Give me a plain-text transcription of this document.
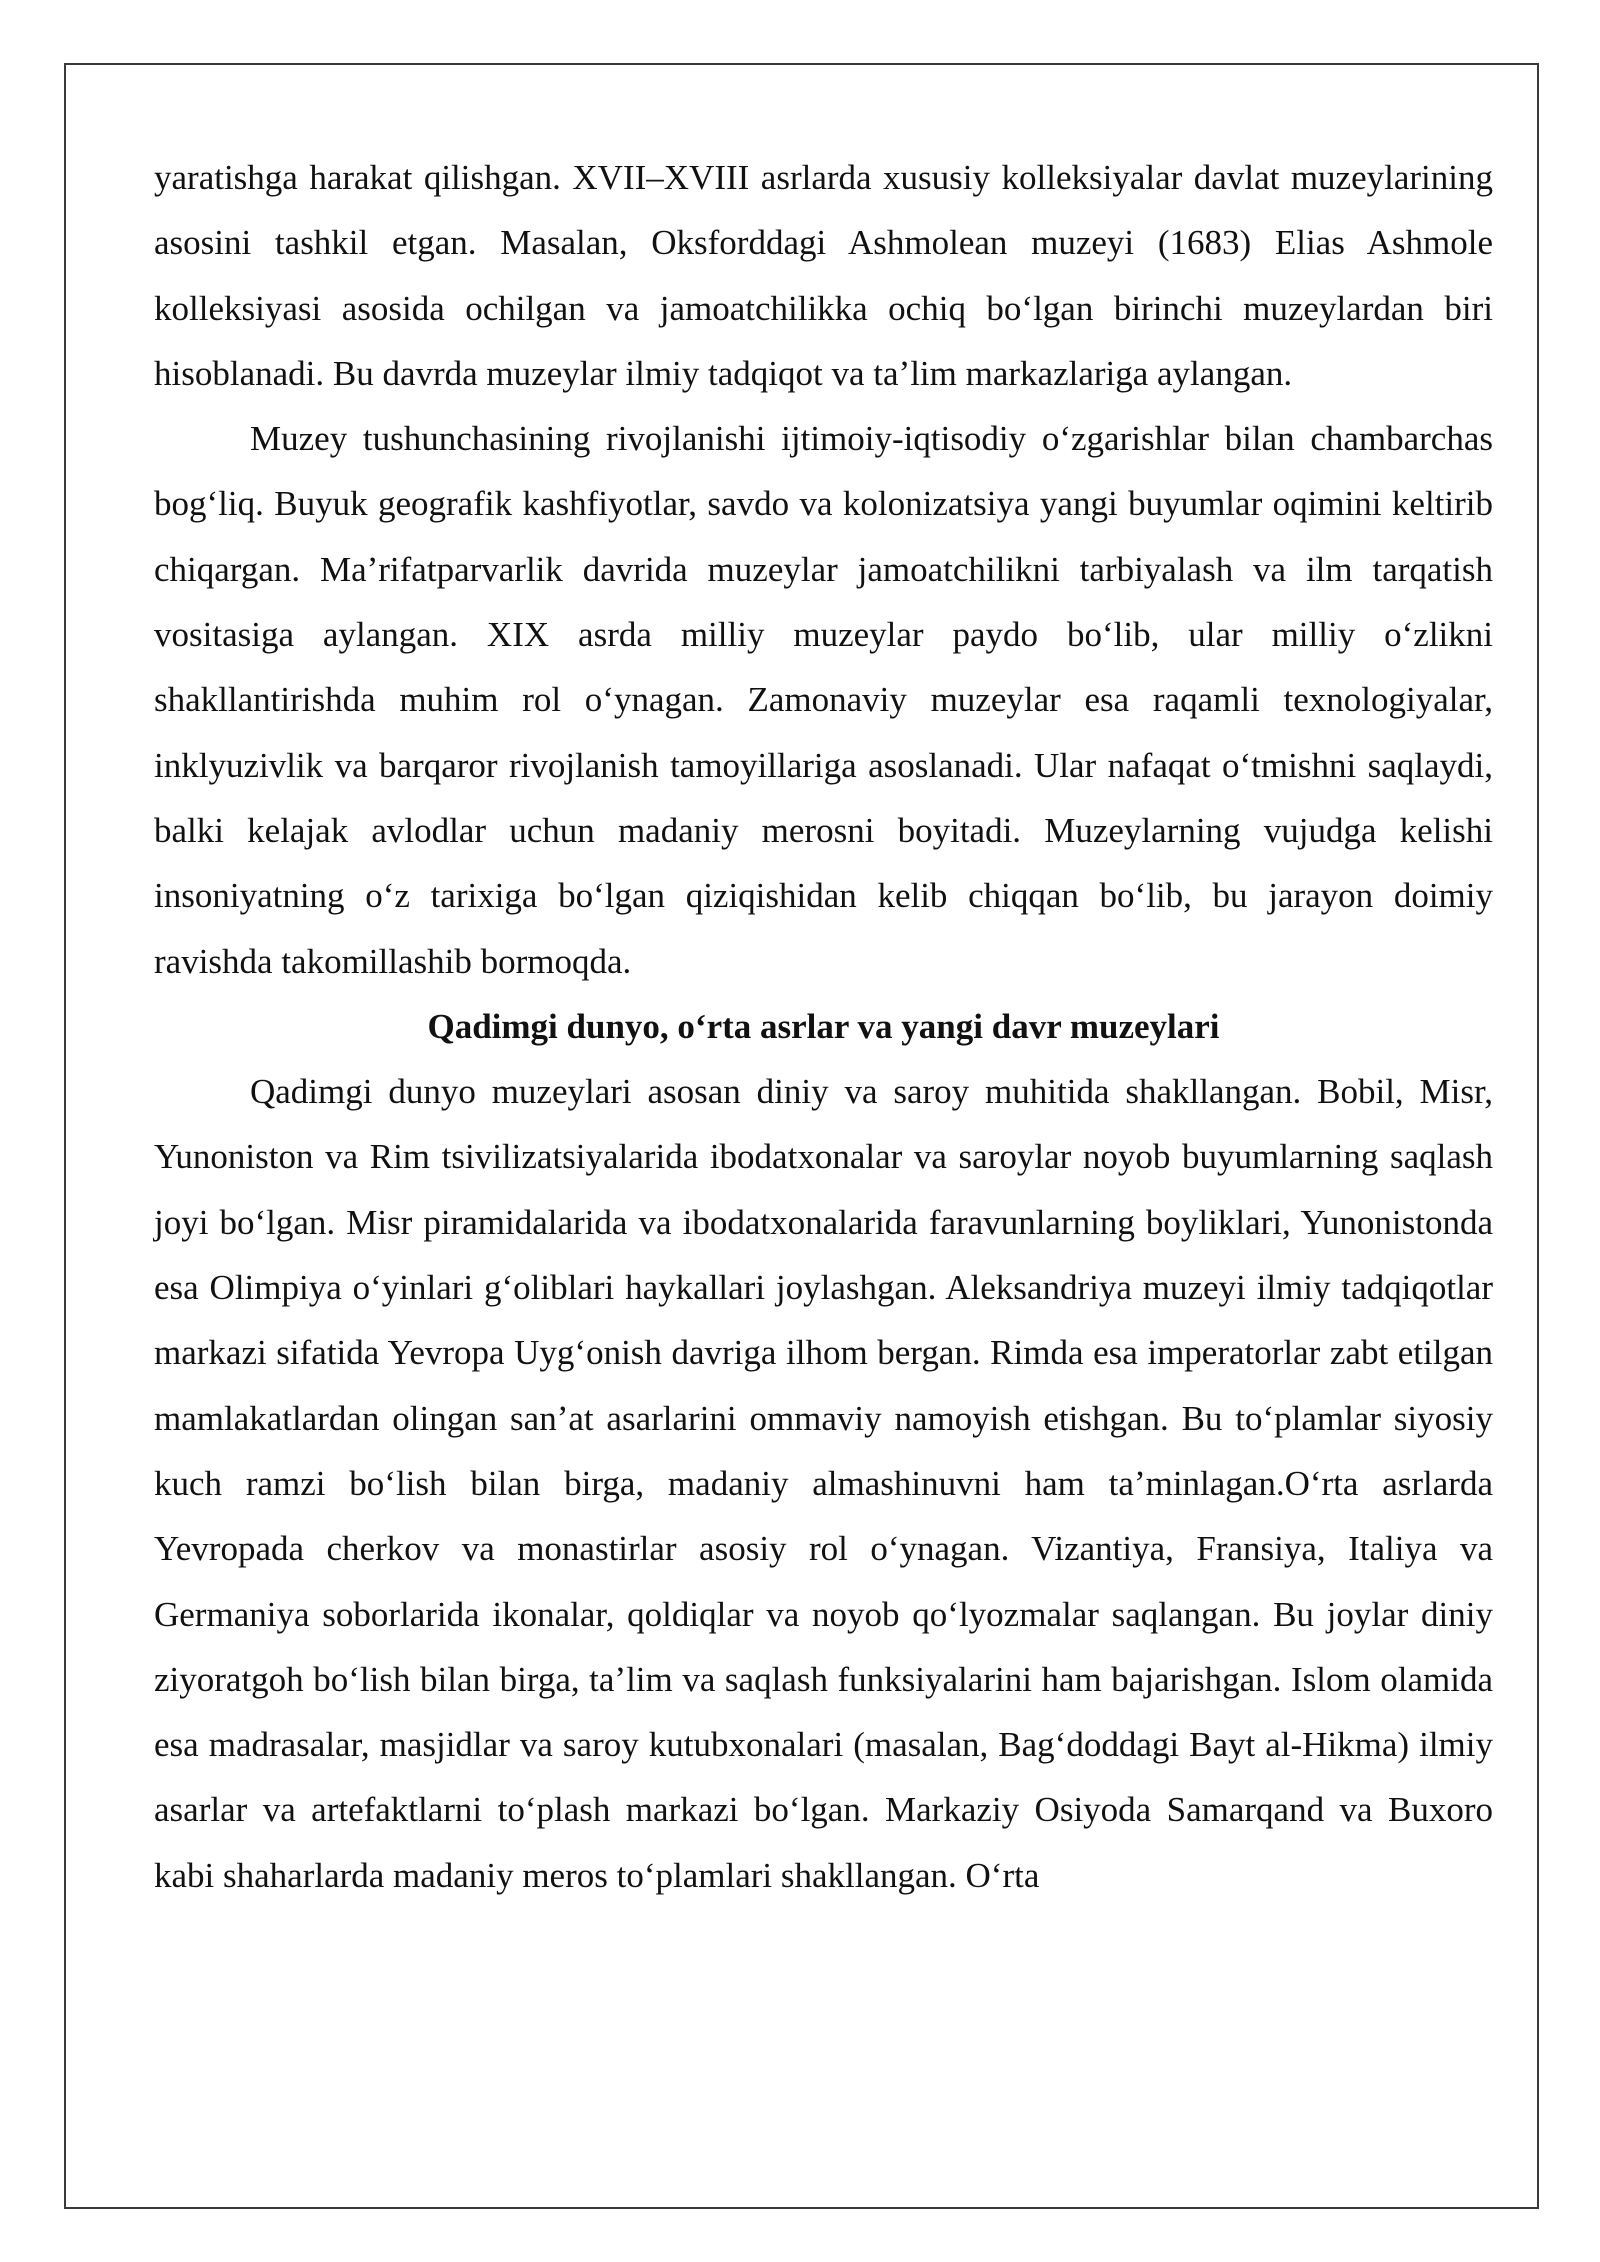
yaratishga harakat qilishgan. XVII–XVIII asrlarda xususiy kolleksiyalar davlat muzeylarining asosini tashkil etgan. Masalan, Oksforddagi Ashmolean muzeyi (1683) Elias Ashmole kolleksiyasi asosida ochilgan va jamoatchilikka ochiq boʻlgan birinchi muzeylardan biri hisoblanadi. Bu davrda muzeylar ilmiy tadqiqot va taʼlim markazlariga aylangan.

Muzey tushunchasining rivojlanishi ijtimoiy-iqtisodiy oʻzgarishlar bilan chambarchas bogʻliq. Buyuk geografik kashfiyotlar, savdo va kolonizatsiya yangi buyumlar oqimini keltirib chiqargan. Maʼrifatparvarlik davrida muzeylar jamoatchilikni tarbiyalash va ilm tarqatish vositasiga aylangan. XIX asrda milliy muzeylar paydo boʻlib, ular milliy oʻzlikni shakllantirishda muhim rol oʻynagan. Zamonaviy muzeylar esa raqamli texnologiyalar, inklyuzivlik va barqaror rivojlanish tamoyillariga asoslanadi. Ular nafaqat oʻtmishni saqlaydi, balki kelajak avlodlar uchun madaniy merosni boyitadi. Muzeylarning vujudga kelishi insoniyatning oʻz tarixiga boʻlgan qiziqishidan kelib chiqqan boʻlib, bu jarayon doimiy ravishda takomillashib bormoqda.

Qadimgi dunyo, oʻrta asrlar va yangi davr muzeylari

Qadimgi dunyo muzeylari asosan diniy va saroy muhitida shakllangan. Bobil, Misr, Yunoniston va Rim tsivilizatsiyalarida ibodatxonalar va saroylar noyob buyumlarning saqlash joyi boʻlgan. Misr piramidalarida va ibodatxonalarida faravunlarning boyliklari, Yunonistonda esa Olimpiya oʻyinlari gʻoliblari haykallari joylashgan. Aleksandriya muzeyi ilmiy tadqiqotlar markazi sifatida Yevropa Uygʻonish davriga ilhom bergan. Rimda esa imperatorlar zabt etilgan mamlakatlardan olingan sanʼat asarlarini ommaviy namoyish etishgan. Bu toʻplamlar siyosiy kuch ramzi boʻlish bilan birga, madaniy almashinuvni ham taʼminlagan.Oʻrta asrlarda Yevropada cherkov va monastirlar asosiy rol oʻynagan. Vizantiya, Fransiya, Italiya va Germaniya soborlarida ikonalar, qoldiqlar va noyob qoʻlyozmalar saqlangan. Bu joylar diniy ziyoratgoh boʻlish bilan birga, taʼlim va saqlash funksiyalarini ham bajarishgan. Islom olamida esa madrasalar, masjidlar va saroy kutubxonalari (masalan, Bagʻdoddagi Bayt al-Hikma) ilmiy asarlar va artefaktlarni toʻplash markazi boʻlgan. Markaziy Osiyoda Samarqand va Buxoro kabi shaharlarda madaniy meros toʻplamlari shakllangan. Oʻrta
